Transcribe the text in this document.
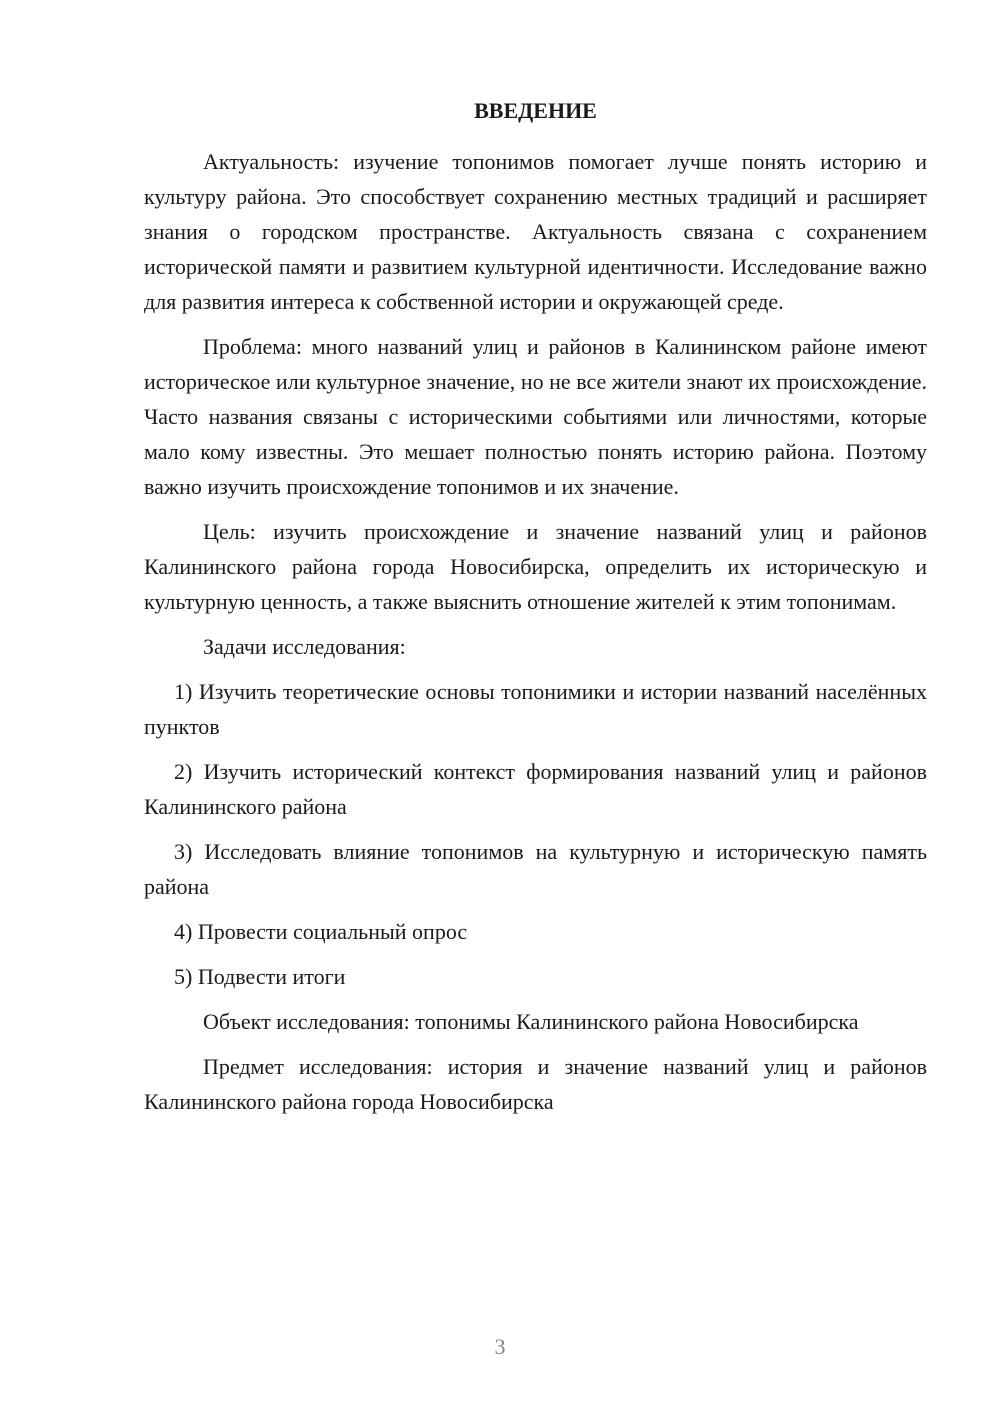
ВВЕДЕНИЕ

Актуальность: изучение топонимов помогает лучше понять историю и культуру района. Это способствует сохранению местных традиций и расширяет знания о городском пространстве. Актуальность связана с сохранением исторической памяти и развитием культурной идентичности. Исследование важно для развития интереса к собственной истории и окружающей среде.

Проблема: много названий улиц и районов в Калининском районе имеют историческое или культурное значение, но не все жители знают их происхождение. Часто названия связаны с историческими событиями или личностями, которые мало кому известны. Это мешает полностью понять историю района. Поэтому важно изучить происхождение топонимов и их значение.

Цель: изучить происхождение и значение названий улиц и районов Калининского района города Новосибирска, определить их историческую и культурную ценность, а также выяснить отношение жителей к этим топонимам.

Задачи исследования:

1) Изучить теоретические основы топонимики и истории названий населённых пунктов

2) Изучить исторический контекст формирования названий улиц и районов Калининского района

3) Исследовать влияние топонимов на культурную и историческую память района

4) Провести социальный опрос

5) Подвести итоги

Объект исследования: топонимы Калининского района Новосибирска

Предмет исследования: история и значение названий улиц и районов Калининского района города Новосибирска

3
